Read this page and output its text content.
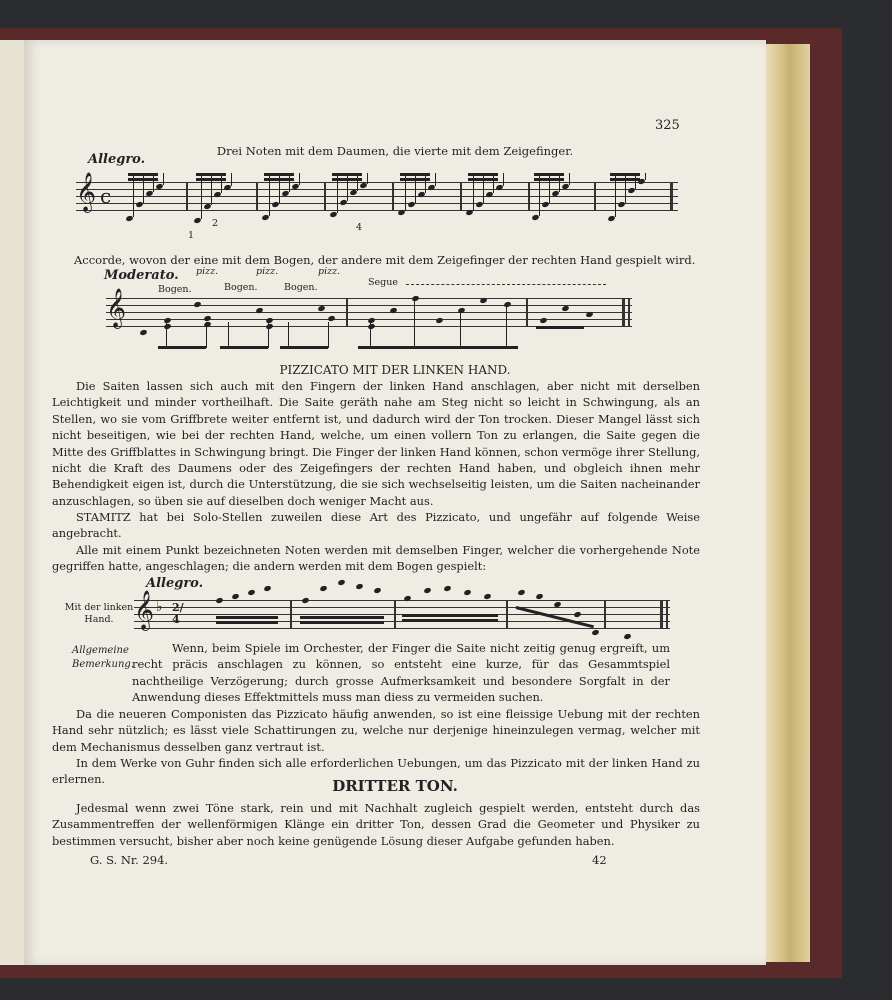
325
Drei Noten mit dem Daumen, die vierte mit dem Zeigefinger.
Allegro.
𝄞 c
1
2	4
Accorde, wovon der eine mit dem Bogen, der andere mit dem Zeigefinger der rechten Hand gespielt wird.
Moderato. pizz.	pizz.	pizz.
Bogen.	Bogen.	Bogen.	Segue
𝄞
PIZZICATO MIT DER LINKEN HAND.
Die Saiten lassen sich auch mit den Fingern der linken Hand anschlagen, aber nicht mit derselben Leichtigkeit und minder vortheilhaft. Die Saite geräth nahe am Steg nicht so leicht in Schwingung, als an Stellen, wo sie vom Griffbrete weiter entfernt ist, und dadurch wird der Ton trocken. Dieser Mangel lässt sich nicht beseitigen, wie bei der rechten Hand, welche, um einen vollern Ton zu erlangen, die Saite gegen die Mitte des Griffblattes in Schwingung bringt. Die Finger der linken Hand können, schon vermöge ihrer Stellung, nicht die Kraft des Daumens oder des Zeigefingers der rechten Hand haben, und obgleich ihnen mehr Behendigkeit eigen ist, durch die Unterstützung, die sie sich wechselseitig leisten, um die Saiten nacheinander anzuschlagen, so üben sie auf dieselben doch weniger Macht aus.
STAMITZ hat bei Solo-Stellen zuweilen diese Art des Pizzicato, und ungefähr auf folgende Weise angebracht.
Alle mit einem Punkt bezeichneten Noten werden mit demselben Finger, welcher die vorhergehende Note gegriffen hatte, angeschlagen; die andern werden mit dem Bogen gespielt:
Allegro.
Mit der linken Hand. 𝄞 ♭ 2/4
Allgemeine Bemerkung.
Wenn, beim Spiele im Orchester, der Finger die Saite nicht zeitig genug ergreift, um recht präcis anschlagen zu können, so entsteht eine kurze, für das Gesammtspiel nachtheilige Verzögerung; durch grosse Aufmerksamkeit und besondere Sorgfalt in der Anwendung dieses Effektmittels muss man diess zu vermeiden suchen.
Da die neueren Componisten das Pizzicato häufig anwenden, so ist eine fleissige Uebung mit der rechten Hand sehr nützlich; es lässt viele Schattirungen zu, welche nur derjenige hineinzulegen vermag, welcher mit dem Mechanismus desselben ganz vertraut ist.
In dem Werke von Guhr finden sich alle erforderlichen Uebungen, um das Pizzicato mit der linken Hand zu erlernen.	DRITTER TON.
Jedesmal wenn zwei Töne stark, rein und mit Nachhalt zugleich gespielt werden, entsteht durch das Zusammentreffen der wellenförmigen Klänge ein dritter Ton, dessen Grad die Geometer und Physiker zu bestimmen versucht, bisher aber noch keine genügende Lösung dieser Aufgabe gefunden haben.
G. S. Nr. 294.	42
